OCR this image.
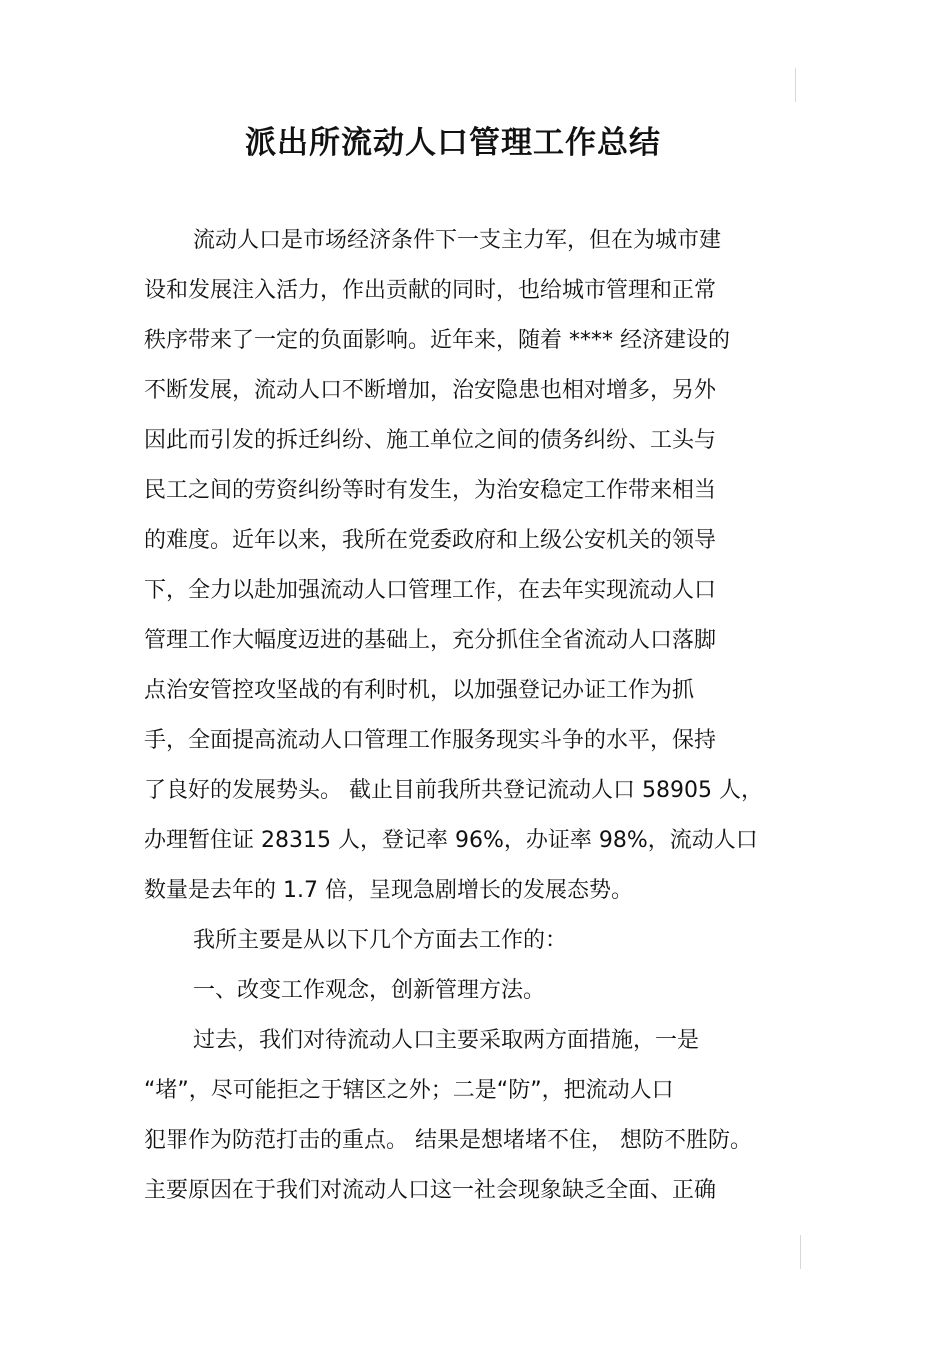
派出所流动人口管理工作总结

流动人口是市场经济条件下一支主力军，但在为城市建

设和发展注入活力，作出贡献的同时，也给城市管理和正常

秩序带来了一定的负面影响。近年来，随着 **** 经济建设的

不断发展，流动人口不断增加，治安隐患也相对增多，另外

因此而引发的拆迁纠纷、施工单位之间的债务纠纷、工头与

民工之间的劳资纠纷等时有发生，为治安稳定工作带来相当

的难度。近年以来，我所在党委政府和上级公安机关的领导

下，全力以赴加强流动人口管理工作，在去年实现流动人口

管理工作大幅度迈进的基础上，充分抓住全省流动人口落脚

点治安管控攻坚战的有利时机，以加强登记办证工作为抓

手，全面提高流动人口管理工作服务现实斗争的水平，保持

了良好的发展势头。 截止目前我所共登记流动人口 58905 人，

办理暂住证 28315 人，登记率 96%，办证率 98%，流动人口

数量是去年的 1.7 倍，呈现急剧增长的发展态势。

我所主要是从以下几个方面去工作的：

一、改变工作观念，创新管理方法。

过去，我们对待流动人口主要采取两方面措施，一是

“堵”，尽可能拒之于辖区之外；二是“防”，把流动人口

犯罪作为防范打击的重点。 结果是想堵堵不住， 想防不胜防。

主要原因在于我们对流动人口这一社会现象缺乏全面、正确
